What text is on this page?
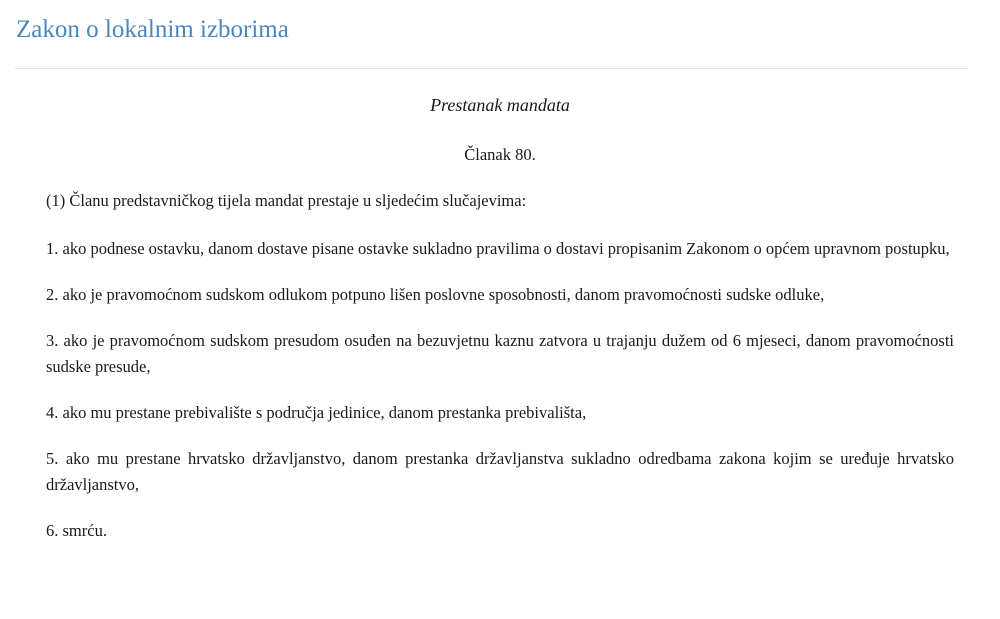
Zakon o lokalnim izborima

Prestanak mandata

Članak 80.

(1) Članu predstavničkog tijela mandat prestaje u sljedećim slučajevima:

1. ako podnese ostavku, danom dostave pisane ostavke sukladno pravilima o dostavi propisanim Zakonom o općem upravnom postupku,

2. ako je pravomoćnom sudskom odlukom potpuno lišen poslovne sposobnosti, danom pravomoćnosti sudske odluke,

3. ako je pravomoćnom sudskom presudom osuđen na bezuvjetnu kaznu zatvora u trajanju dužem od 6 mjeseci, danom pravomoćnosti sudske presude,

4. ako mu prestane prebivalište s područja jedinice, danom prestanka prebivališta,

5. ako mu prestane hrvatsko državljanstvo, danom prestanka državljanstva sukladno odredbama zakona kojim se uređuje hrvatsko državljanstvo,

6. smrću.
